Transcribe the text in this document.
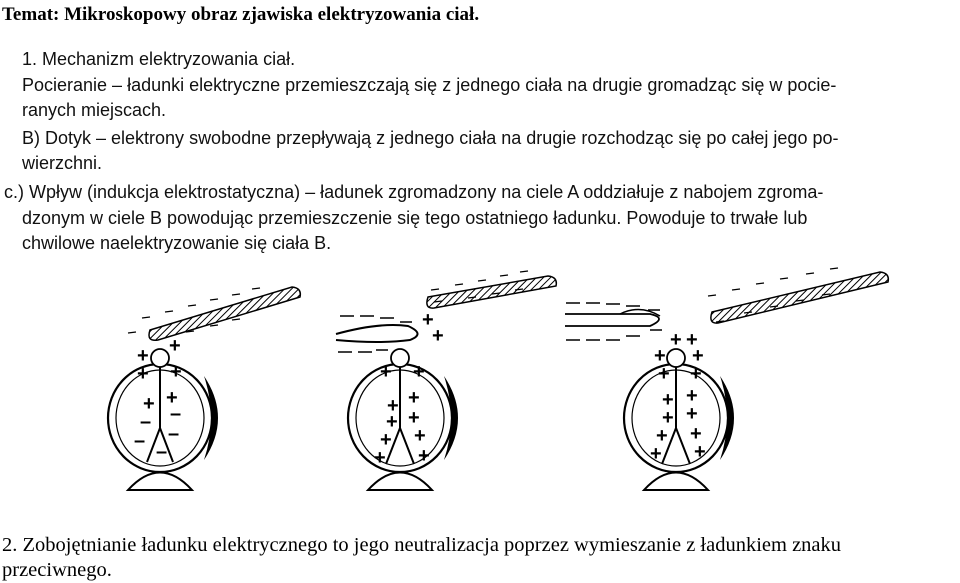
Temat: Mikroskopowy obraz zjawiska elektryzowania ciał.
1. Mechanizm elektryzowania ciał.
Pocieranie – ładunki elektryczne przemieszczają się z jednego ciała na drugie gromadząc się w pociе-
ranych miejscach.
B) Dotyk – elektrony swobodne przepływają z jednego ciała na drugie rozchodząc się po całej jego po-
wierzchni.
c.) Wpływ (indukcja elektrostatyczna) – ładunek zgromadzony na ciele A oddziałuje z nabojem zgroma-
dzonym w ciele B powodując przemieszczenie się tego ostatniego ładunku. Powoduje to trwałe lub
chwilowe naelektryzowanie się ciała B.
+ +
+ +
+ +
– –
– –
–
+
+
+ +
+ +
+ +
+ +
+ +
+ +
+ +
+ +
+ +
+ +
+ +
+ +
2. Zobojętnianie ładunku elektrycznego to jego neutralizacja poprzez wymieszanie z ładunkiem znaku
przeciwnego.
